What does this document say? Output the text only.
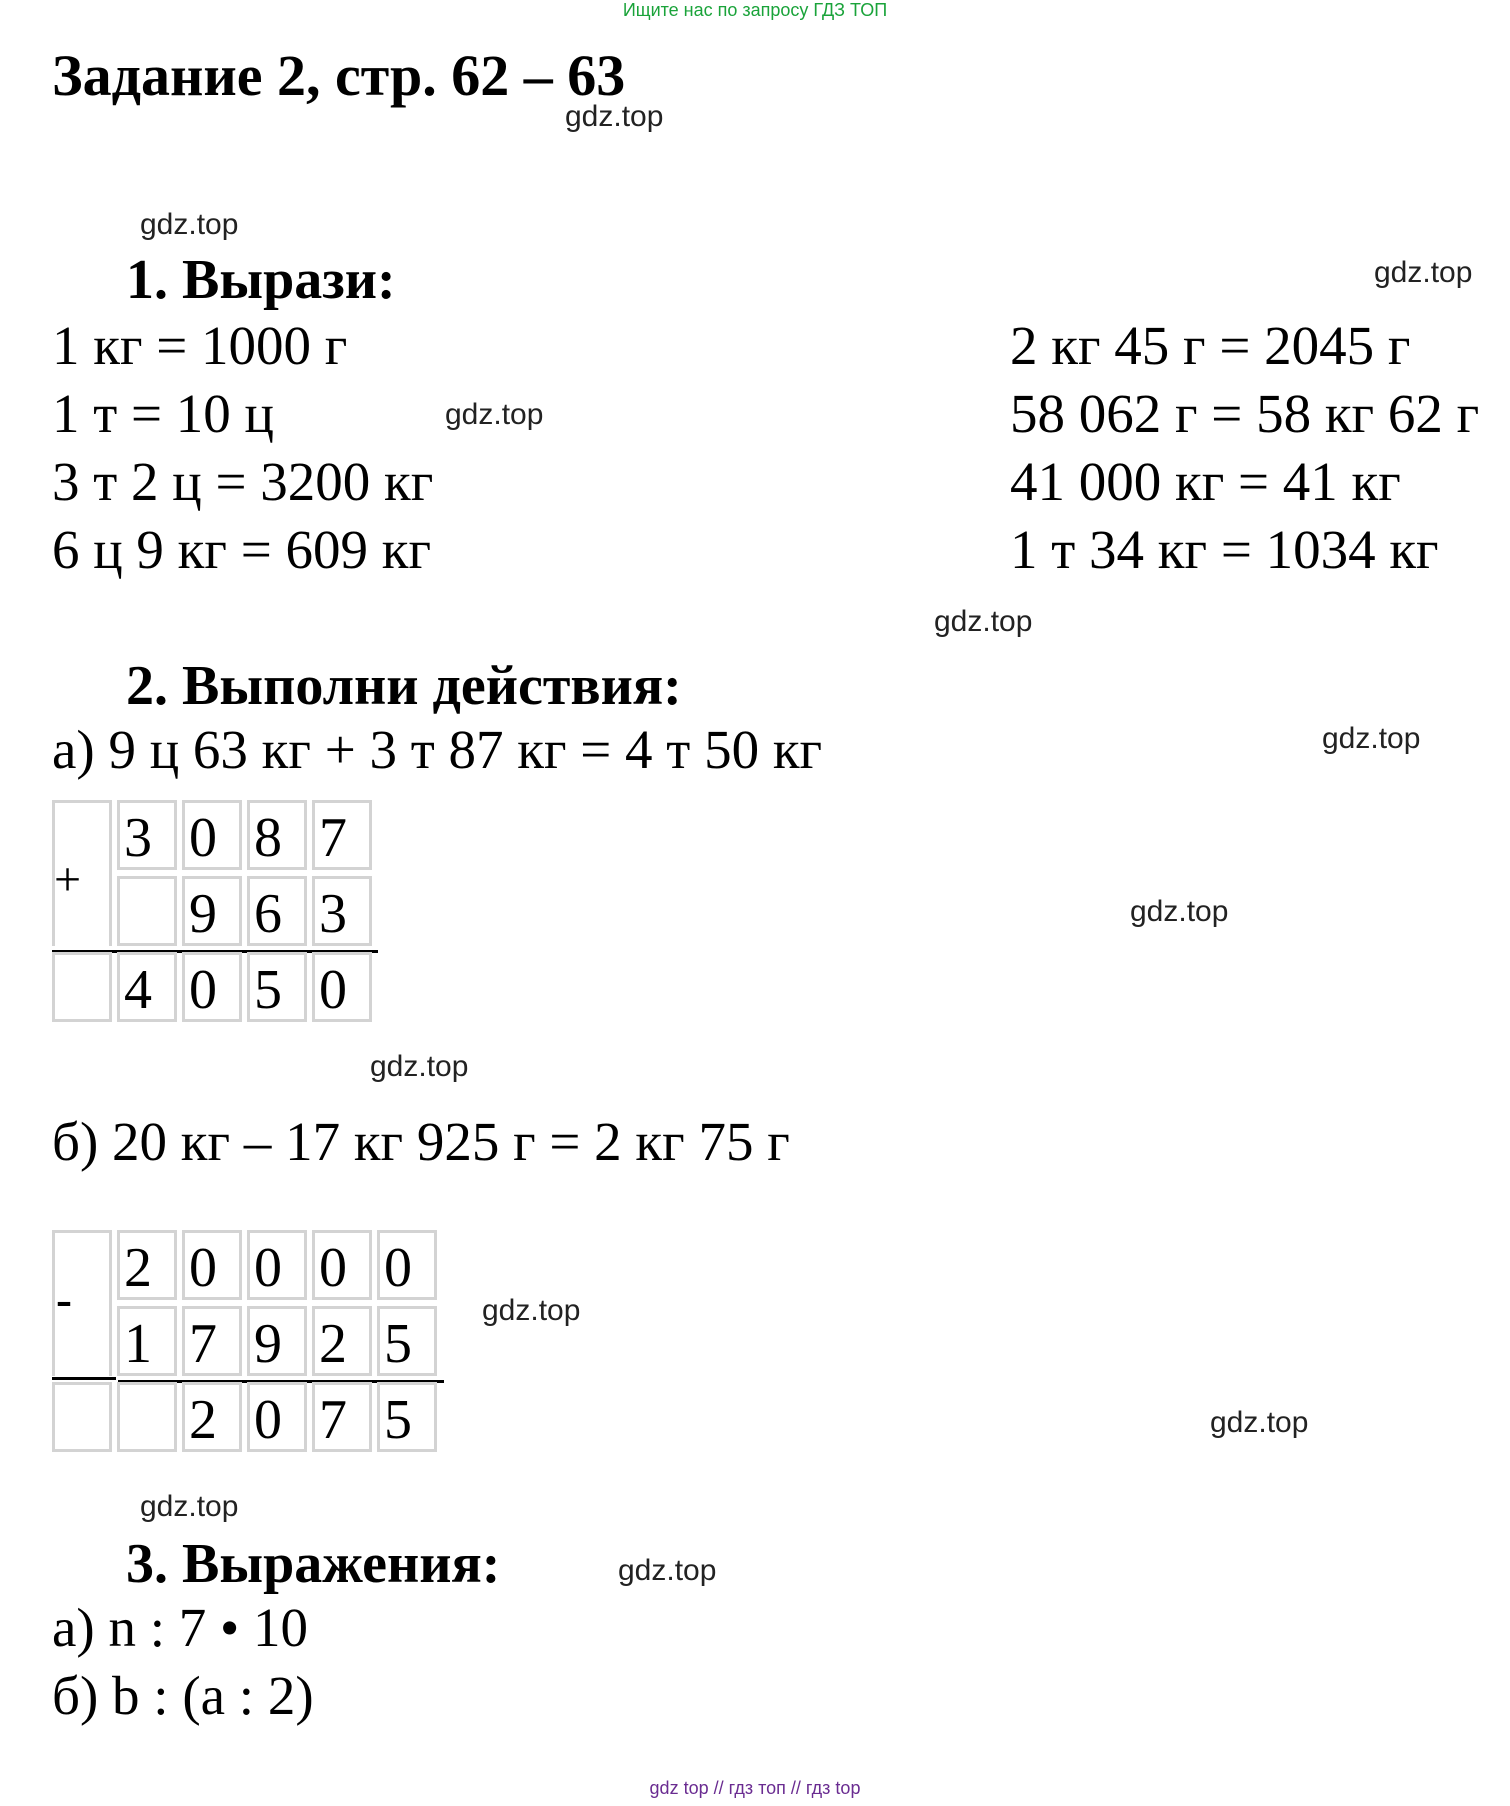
Ищите нас по запросу ГДЗ ТОП
Задание 2, стр. 62 – 63
gdz.top
gdz.top
gdz.top
gdz.top
gdz.top
gdz.top
gdz.top
gdz.top
gdz.top
gdz.top
gdz.top
gdz.top
1. Вырази:
1 кг = 1000 г
1 т = 10 ц
3 т 2 ц = 3200 кг
6 ц 9 кг = 609 кг
2 кг 45 г = 2045 г
58 062 г = 58 кг 62 г
41 000 кг = 41 кг
1 т 34 кг = 1034 кг
2. Выполни действия:
а) 9 ц 63 кг + 3 т 87 кг = 4 т 50 кг
+
3 0 8 7
9 6 3
4 0 5 0
б) 20 кг – 17 кг 925 г = 2 кг 75 г
-
2 0 0 0 0
1 7 9 2 5
2 0 7 5
3. Выражения:
а) n : 7 • 10
б) b : (a : 2)
gdz top // гдз топ // гдз top
